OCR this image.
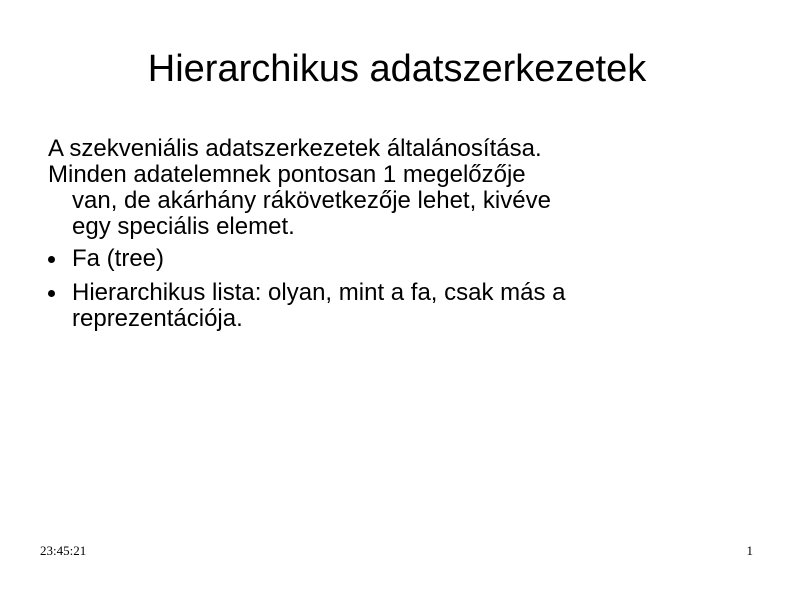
Hierarchikus adatszerkezetek
A szekveniális adatszerkezetek általánosítása.
Minden adatelemnek pontosan 1 megelőzője
van, de akárhány rákövetkezője lehet, kivéve
egy speciális elemet.
Fa (tree)
Hierarchikus lista: olyan, mint a fa, csak más a
reprezentációja.
23:45:21	1
